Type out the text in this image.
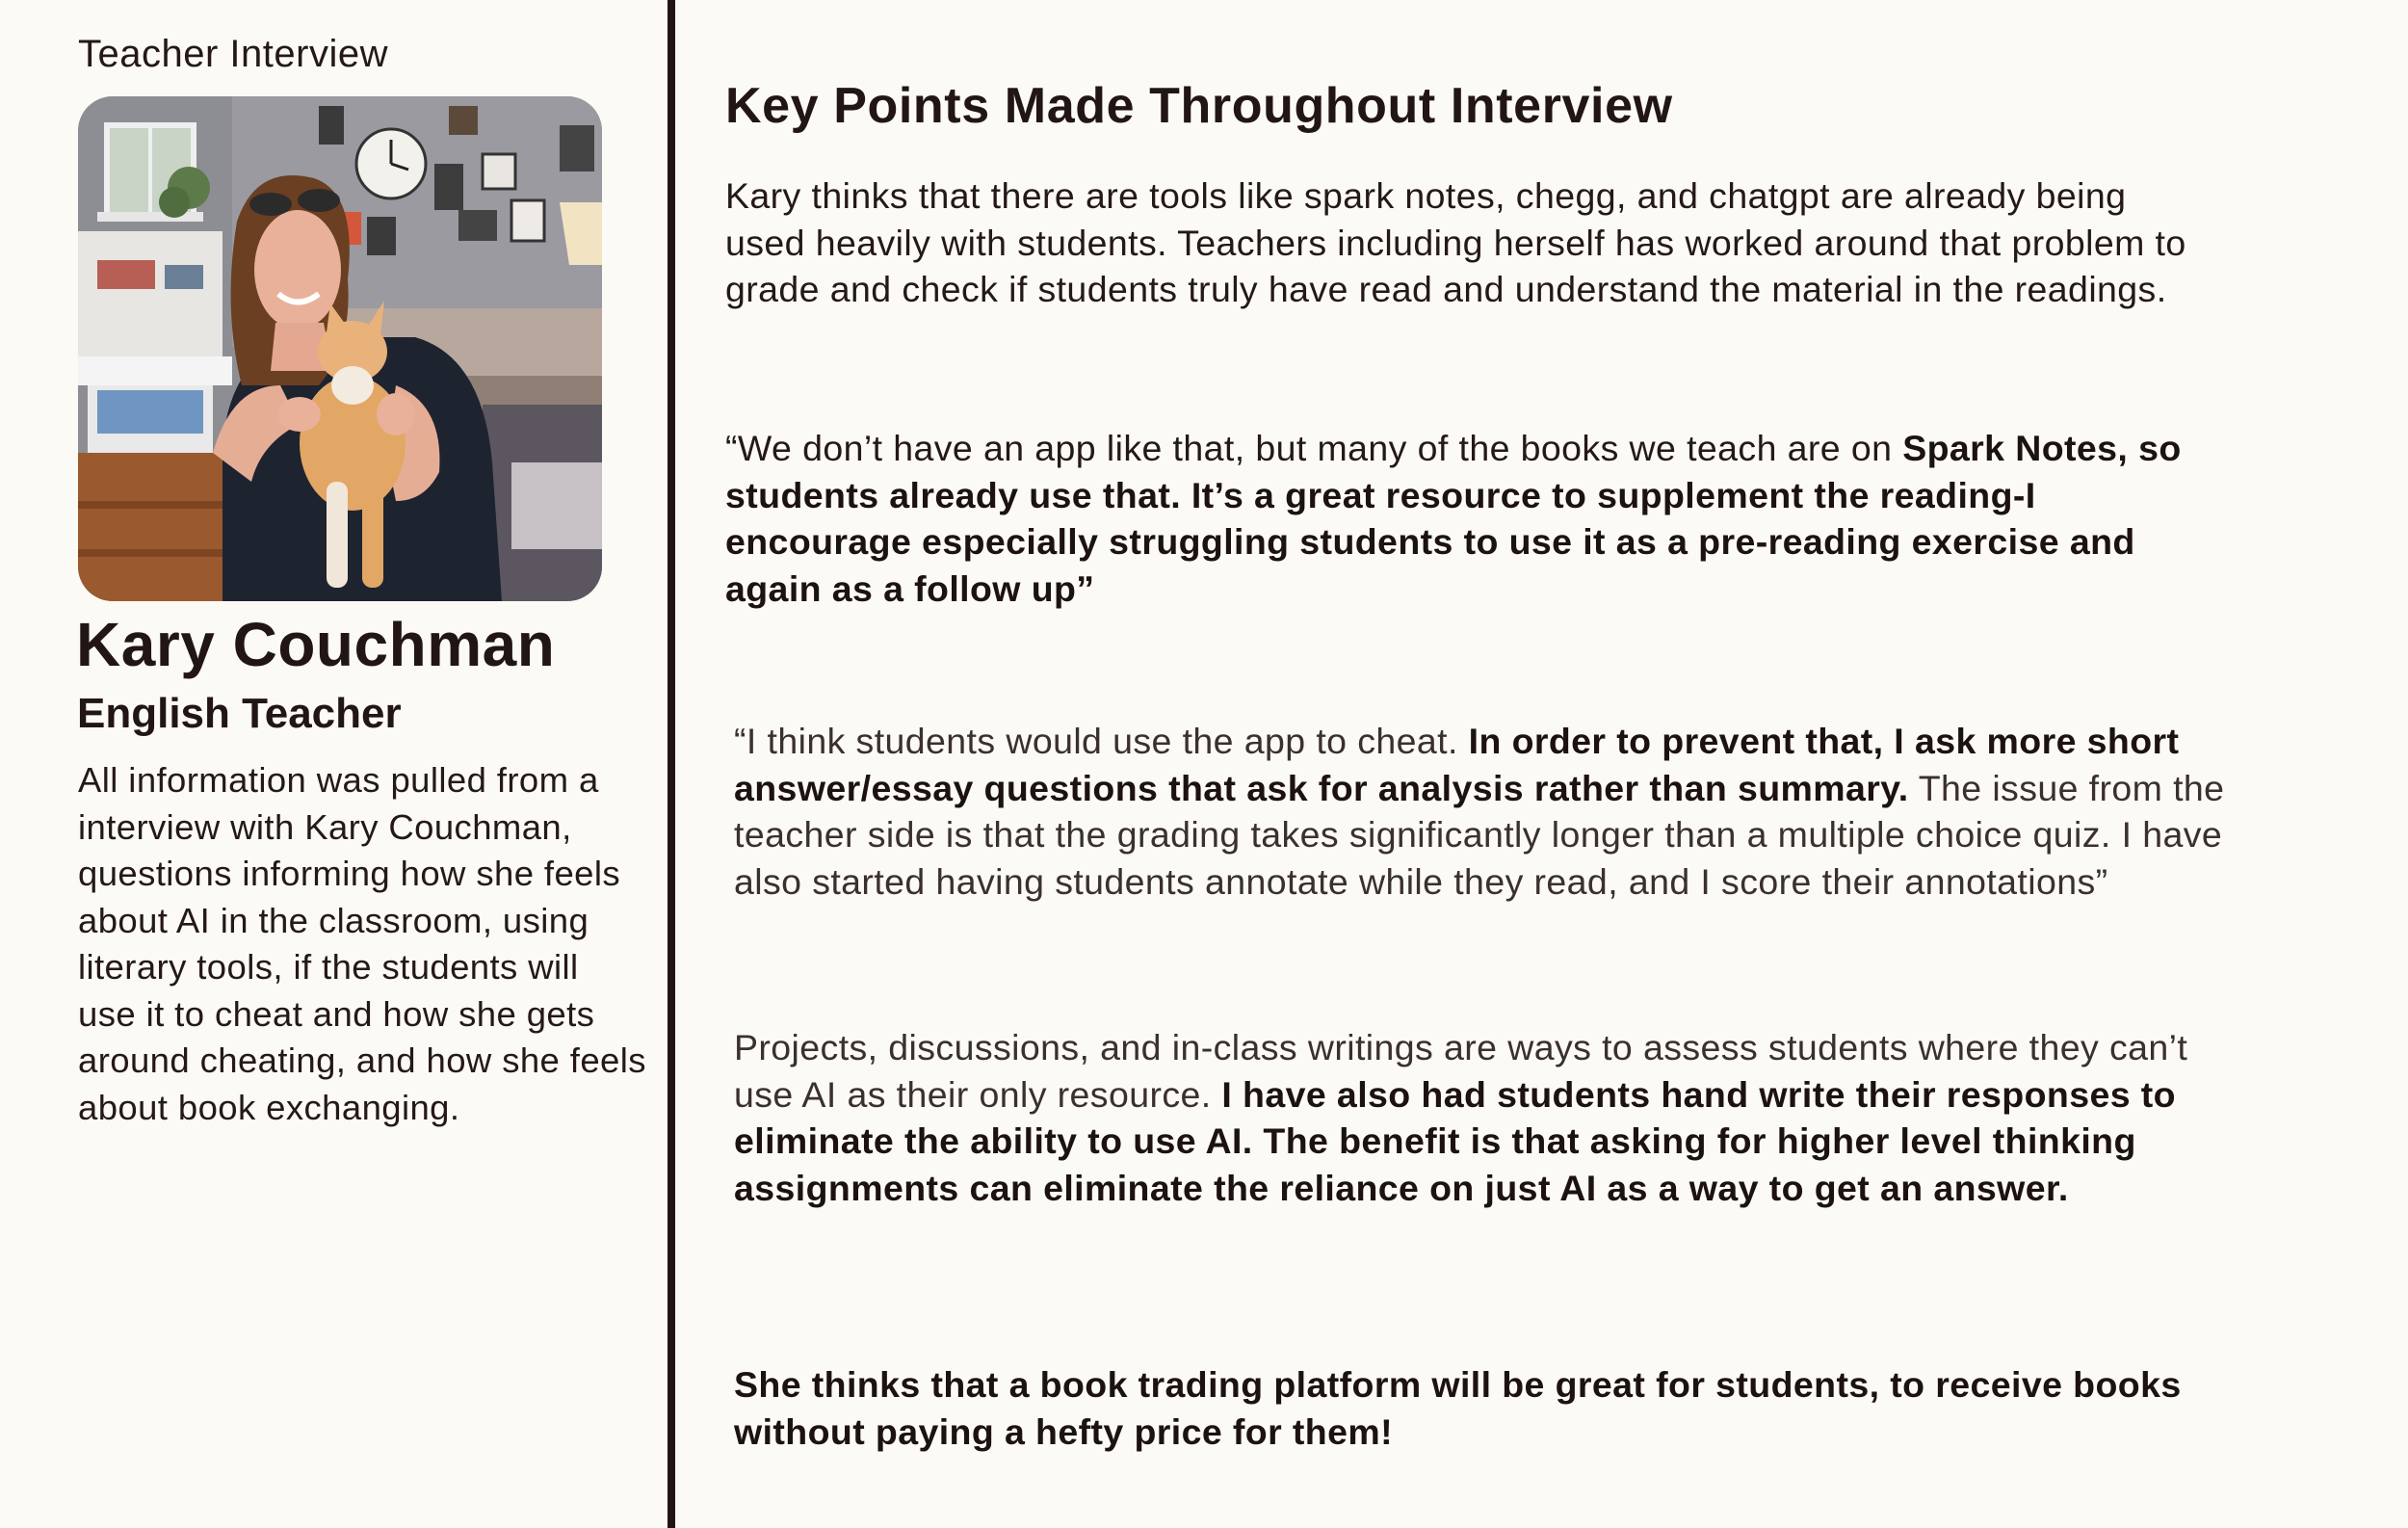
Teacher Interview
Kary Couchman
English Teacher
All information was pulled from a interview with Kary Couchman, questions informing how she feels about AI in the classroom, using literary tools, if the students will use it to cheat and how she gets around cheating, and how she feels about book exchanging.
Key Points Made Throughout Interview
Kary thinks that there are tools like spark notes, chegg, and chatgpt are already being used heavily with students. Teachers including herself has worked around that problem to grade and check if students truly have read and understand the material in the readings.
“We don’t have an app like that, but many of the books we teach are on Spark Notes, so students already use that. It’s a great resource to supplement the reading-I encourage especially struggling students to use it as a pre-reading exercise and again as a follow up”
“I think students would use the app to cheat. In order to prevent that, I ask more short answer/essay questions that ask for analysis rather than summary. The issue from the teacher side is that the grading takes significantly longer than a multiple choice quiz. I have also started having students annotate while they read, and I score their annotations”
Projects, discussions, and in-class writings are ways to assess students where they can’t use AI as their only resource. I have also had students hand write their responses to eliminate the ability to use AI. The benefit is that asking for higher level thinking assignments can eliminate the reliance on just AI as a way to get an answer.
She thinks that a book trading platform will be great for students, to receive books without paying a hefty price for them!
